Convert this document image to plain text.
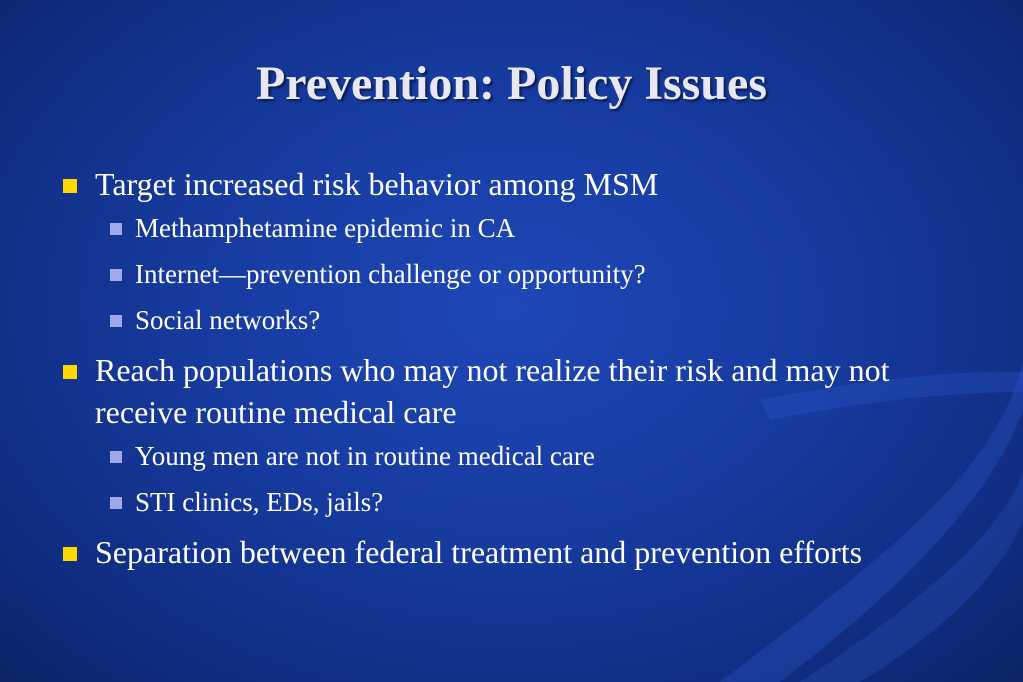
Prevention: Policy Issues
Target increased risk behavior among MSM
Methamphetamine epidemic in CA
Internet—prevention challenge or opportunity?
Social networks?
Reach populations who may not realize their risk and may not receive routine medical care
Young men are not in routine medical care
STI clinics, EDs, jails?
Separation between federal treatment and prevention efforts
